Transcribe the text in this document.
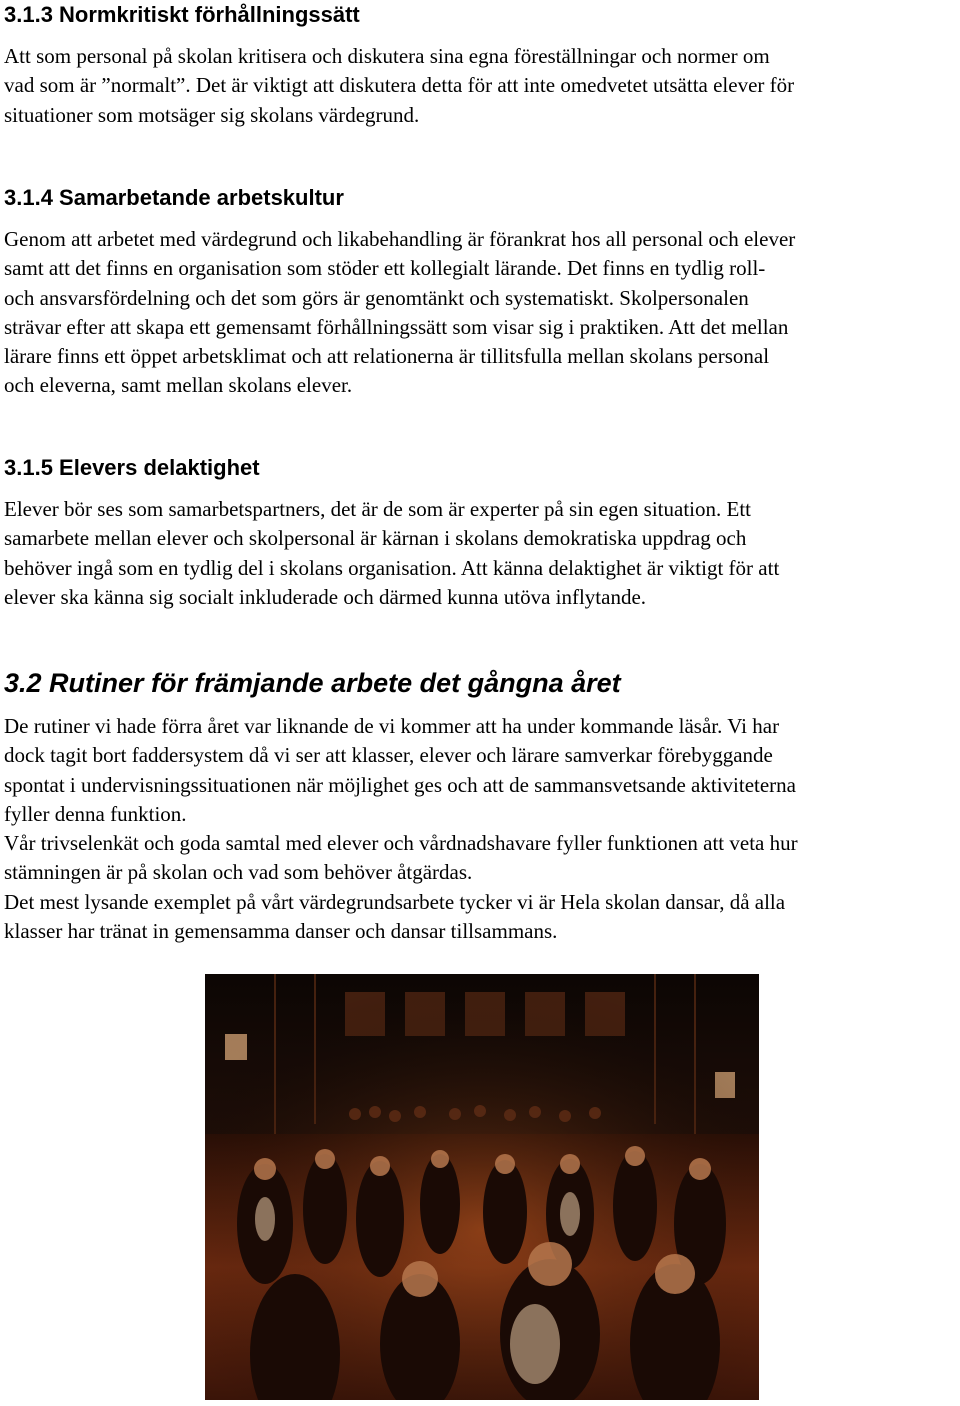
3.1.3 Normkritiskt förhållningssätt
Att som personal på skolan kritisera och diskutera sina egna föreställningar och normer om
vad som är ”normalt”. Det är viktigt att diskutera detta för att inte omedvetet utsätta elever för
situationer som motsäger sig skolans värdegrund.
3.1.4 Samarbetande arbetskultur
Genom att arbetet med värdegrund och likabehandling är förankrat hos all personal och elever
samt att det finns en organisation som stöder ett kollegialt lärande. Det finns en tydlig roll-
och ansvarsfördelning och det som görs är genomtänkt och systematiskt. Skolpersonalen
strävar efter att skapa ett gemensamt förhållningssätt som visar sig i praktiken. Att det mellan
lärare finns ett öppet arbetsklimat och att relationerna är tillitsfulla mellan skolans personal
och eleverna, samt mellan skolans elever.
3.1.5 Elevers delaktighet
Elever bör ses som samarbetspartners, det är de som är experter på sin egen situation. Ett
samarbete mellan elever och skolpersonal är kärnan i skolans demokratiska uppdrag och
behöver ingå som en tydlig del i skolans organisation. Att känna delaktighet är viktigt för att
elever ska känna sig socialt inkluderade och därmed kunna utöva inflytande.
3.2 Rutiner för främjande arbete det gångna året
De rutiner vi hade förra året var liknande de vi kommer att ha under kommande läsår. Vi har
dock tagit bort faddersystem då vi ser att klasser, elever och lärare samverkar förebyggande
spontat i undervisningssituationen när möjlighet ges och att de sammansvetsande aktiviteterna
fyller denna funktion.
Vår trivselenkät och goda samtal med elever och vårdnadshavare fyller funktionen att veta hur
stämningen är på skolan och vad som behöver åtgärdas.
Det mest lysande exemplet på vårt värdegrundsarbete tycker vi är Hela skolan dansar, då alla
klasser har tränat in gemensamma danser och dansar tillsammans.
